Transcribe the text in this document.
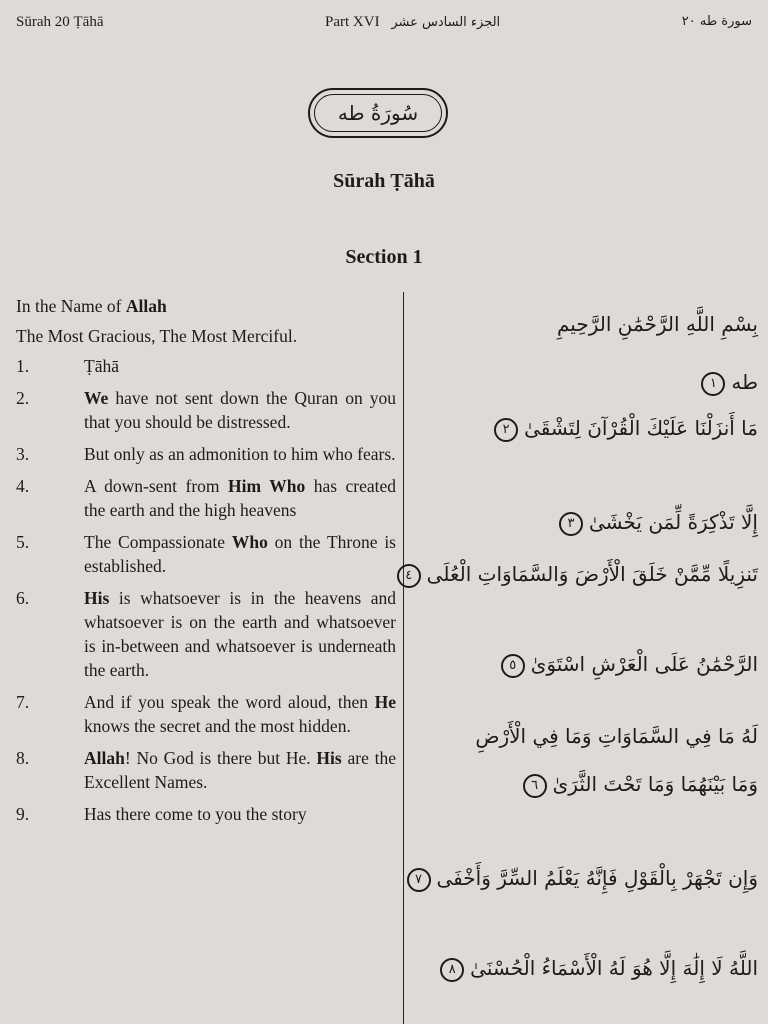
Sūrah 20 Ṭāhā	Part XVI الجزء السادس عشر	سورة طه ٢٠
سُورَةُ طه
Sūrah Ṭāhā
Section 1
In the Name of Allah
The Most Gracious, The Most Merciful.
1.	Ṭāhā
2.	We have not sent down the Quran on you that you should be distressed.
3.	But only as an admonition to him who fears.
4.	A down-sent from Him Who has created the earth and the high heavens
5.	The Compassionate Who on the Throne is established.
6.	His is whatsoever is in the heavens and whatsoever is on the earth and whatsoever is in-between and whatsoever is underneath the earth.
7.	And if you speak the word aloud, then He knows the secret and the most hidden.
8.	Allah! No God is there but He. His are the Excellent Names.
9.	Has there come to you the story
بِسْمِ اللَّهِ الرَّحْمَٰنِ الرَّحِيمِ
طه١
مَا أَنزَلْنَا عَلَيْكَ الْقُرْآنَ لِتَشْقَىٰ٢
إِلَّا تَذْكِرَةً لِّمَن يَخْشَىٰ٣
تَنزِيلًا مِّمَّنْ خَلَقَ الْأَرْضَ وَالسَّمَاوَاتِ الْعُلَى٤
الرَّحْمَٰنُ عَلَى الْعَرْشِ اسْتَوَىٰ٥
لَهُ مَا فِي السَّمَاوَاتِ وَمَا فِي الْأَرْضِ
وَمَا بَيْنَهُمَا وَمَا تَحْتَ الثَّرَىٰ٦
وَإِن تَجْهَرْ بِالْقَوْلِ فَإِنَّهُ يَعْلَمُ السِّرَّ وَأَخْفَى٧
اللَّهُ لَا إِلَٰهَ إِلَّا هُوَ لَهُ الْأَسْمَاءُ الْحُسْنَىٰ٨
